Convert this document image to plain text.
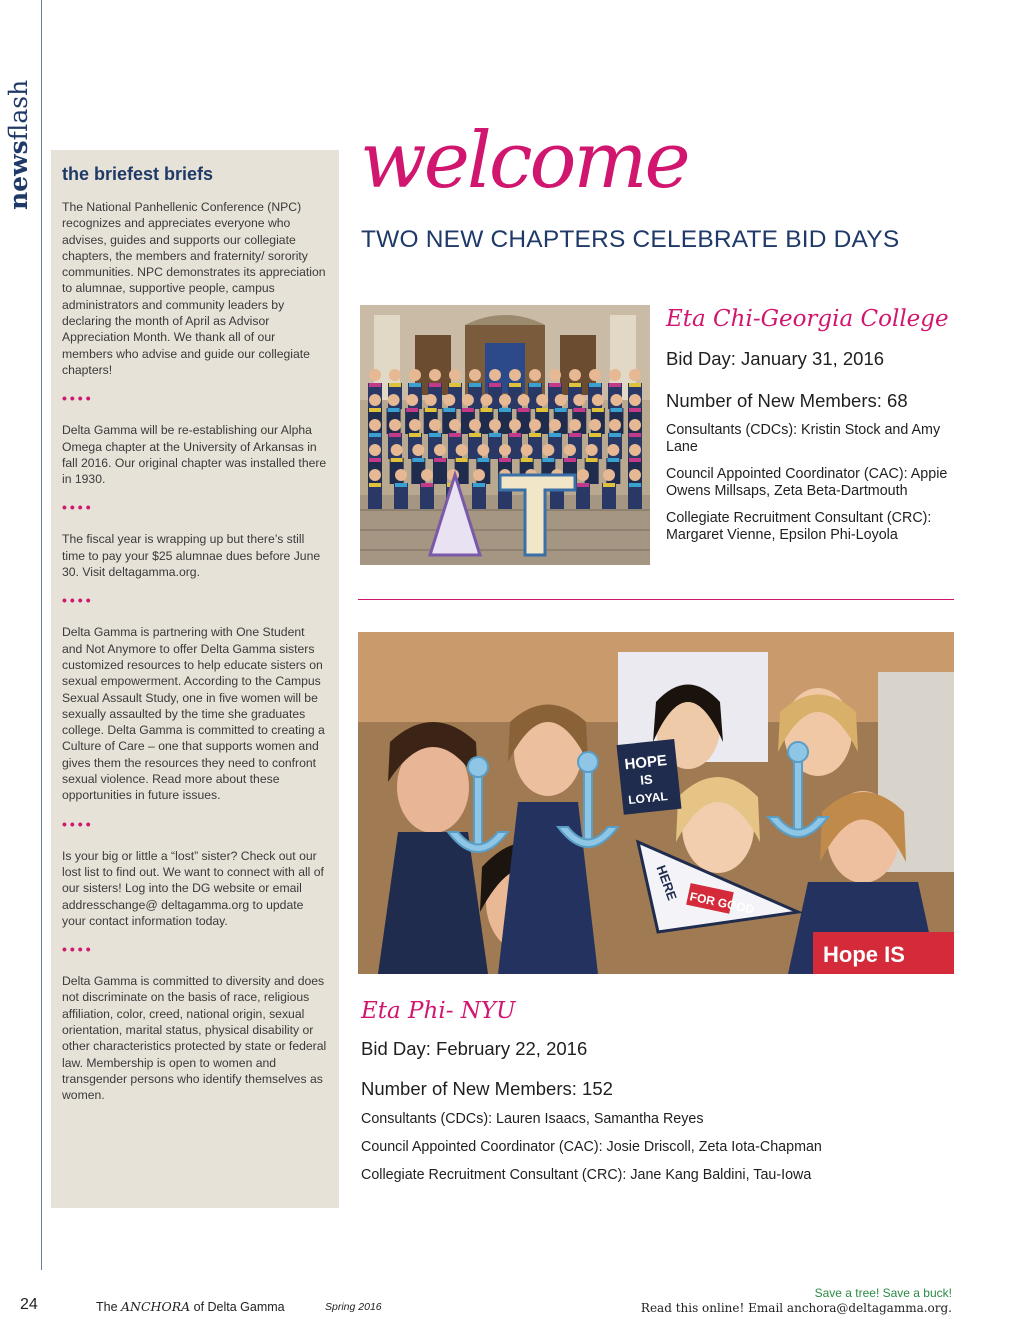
newsflash
the briefest briefs

The National Panhellenic Conference (NPC) recognizes and appreciates everyone who advises, guides and supports our collegiate chapters, the members and fraternity/ sorority communities. NPC demonstrates its appreciation to alumnae, supportive people, campus administrators and community leaders by declaring the month of April as Advisor Appreciation Month. We thank all of our members who advise and guide our collegiate chapters!

••••

Delta Gamma will be re-establishing our Alpha Omega chapter at the University of Arkansas in fall 2016. Our original chapter was installed there in 1930.

••••

The fiscal year is wrapping up but there’s still time to pay your $25 alumnae dues before June 30. Visit deltagamma.org.

••••

Delta Gamma is partnering with One Student and Not Anymore to offer Delta Gamma sisters customized resources to help educate sisters on sexual empowerment. According to the Campus Sexual Assault Study, one in five women will be sexually assaulted by the time she graduates college. Delta Gamma is committed to creating a Culture of Care – one that supports women and gives them the resources they need to confront sexual violence. Read more about these opportunities in future issues.

••••

Is your big or little a “lost” sister? Check out our lost list to find out. We want to connect with all of our sisters! Log into the DG website or email addresschange@ deltagamma.org to update your contact information today.

••••

Delta Gamma is committed to diversity and does not discriminate on the basis of race, religious affiliation, color, creed, national origin, sexual orientation, marital status, physical disability or other characteristics protected by state or federal law. Membership is open to women and transgender persons who identify themselves as women.

welcome
TWO NEW CHAPTERS CELEBRATE BID DAYS
Eta Chi-Georgia College
Bid Day: January 31, 2016
Number of New Members: 68
Consultants (CDCs): Kristin Stock and Amy Lane
Council Appointed Coordinator (CAC): Appie Owens Millsaps, Zeta Beta-Dartmouth
Collegiate Recruitment Consultant (CRC): Margaret Vienne, Epsilon Phi-Loyola
HOPE
IS
LOYAL
FOR GOOD
HERE
Hope IS
Eta Phi- NYU
Bid Day: February 22, 2016
Number of New Members: 152
Consultants (CDCs): Lauren Isaacs, Samantha Reyes
Council Appointed Coordinator (CAC): Josie Driscoll, Zeta Iota-Chapman
Collegiate Recruitment Consultant (CRC): Jane Kang Baldini, Tau-Iowa
24	The ANCHORA of Delta Gamma	Spring 2016
Save a tree! Save a buck!
Read this online! Email anchora@deltagamma.org.
